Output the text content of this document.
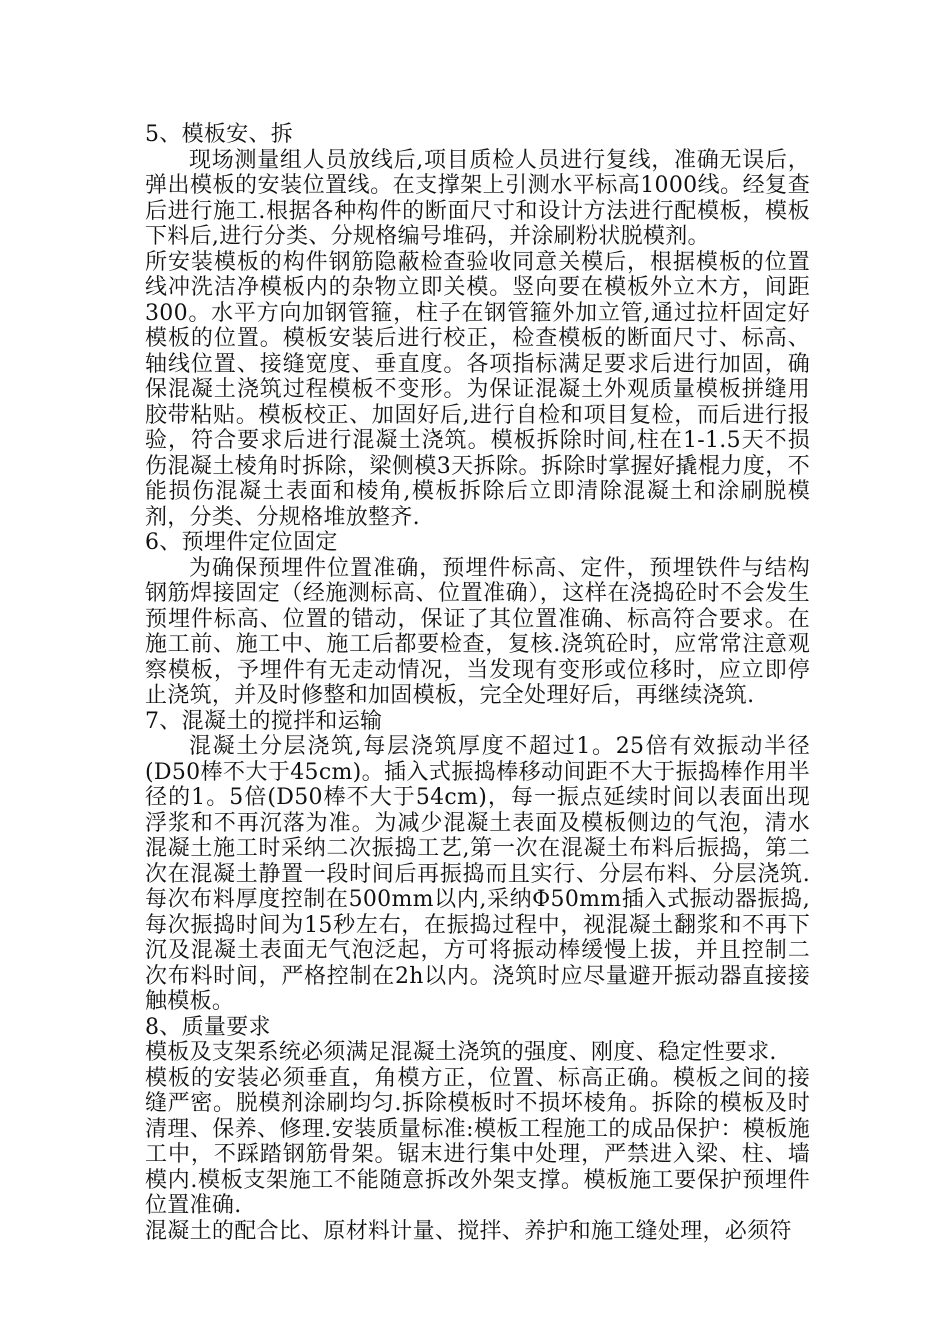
5、模板安、拆

现场测量组人员放线后,项目质检人员进行复线，准确无误后，弹出模板的安装位置线。在支撑架上引测水平标高1000线。经复查后进行施工.根据各种构件的断面尺寸和设计方法进行配模板，模板下料后,进行分类、分规格编号堆码，并涂刷粉状脱模剂。

所安装模板的构件钢筋隐蔽检查验收同意关模后，根据模板的位置线冲洗洁净模板内的杂物立即关模。竖向要在模板外立木方，间距300。水平方向加钢管箍，柱子在钢管箍外加立管,通过拉杆固定好模板的位置。模板安装后进行校正，检查模板的断面尺寸、标高、轴线位置、接缝宽度、垂直度。各项指标满足要求后进行加固，确保混凝土浇筑过程模板不变形。为保证混凝土外观质量模板拼缝用胶带粘贴。模板校正、加固好后,进行自检和项目复检，而后进行报验，符合要求后进行混凝土浇筑。模板拆除时间,柱在1-1.5天不损伤混凝土棱角时拆除，梁侧模3天拆除。拆除时掌握好撬棍力度，不能损伤混凝土表面和棱角,模板拆除后立即清除混凝土和涂刷脱模剂，分类、分规格堆放整齐.

6、预埋件定位固定

为确保预埋件位置准确，预埋件标高、定件，预埋铁件与结构钢筋焊接固定（经施测标高、位置准确），这样在浇捣砼时不会发生预埋件标高、位置的错动，保证了其位置准确、标高符合要求。在施工前、施工中、施工后都要检查，复核.浇筑砼时，应常常注意观察模板，予埋件有无走动情况，当发现有变形或位移时，应立即停止浇筑，并及时修整和加固模板，完全处理好后，再继续浇筑.

7、混凝土的搅拌和运输

混凝土分层浇筑,每层浇筑厚度不超过1。25倍有效振动半径(D50棒不大于45cm)。插入式振捣棒移动间距不大于振捣棒作用半径的1。5倍(D50棒不大于54cm)，每一振点延续时间以表面出现浮浆和不再沉落为准。为减少混凝土表面及模板侧边的气泡，清水混凝土施工时采纳二次振捣工艺,第一次在混凝土布料后振捣，第二次在混凝土静置一段时间后再振捣而且实行、分层布料、分层浇筑.每次布料厚度控制在500mm以内,采纳Φ50mm插入式振动器振捣,每次振捣时间为15秒左右，在振捣过程中，视混凝土翻浆和不再下沉及混凝土表面无气泡泛起，方可将振动棒缓慢上拔，并且控制二次布料时间，严格控制在2h以内。浇筑时应尽量避开振动器直接接触模板。

8、质量要求

模板及支架系统必须满足混凝土浇筑的强度、刚度、稳定性要求.

模板的安装必须垂直，角模方正，位置、标高正确。模板之间的接缝严密。脱模剂涂刷均匀.拆除模板时不损坏棱角。拆除的模板及时清理、保养、修理.安装质量标准:模板工程施工的成品保护：模板施工中，不踩踏钢筋骨架。锯末进行集中处理，严禁进入梁、柱、墙模内.模板支架施工不能随意拆改外架支撑。模板施工要保护预埋件位置准确.

混凝土的配合比、原材料计量、搅拌、养护和施工缝处理，必须符
